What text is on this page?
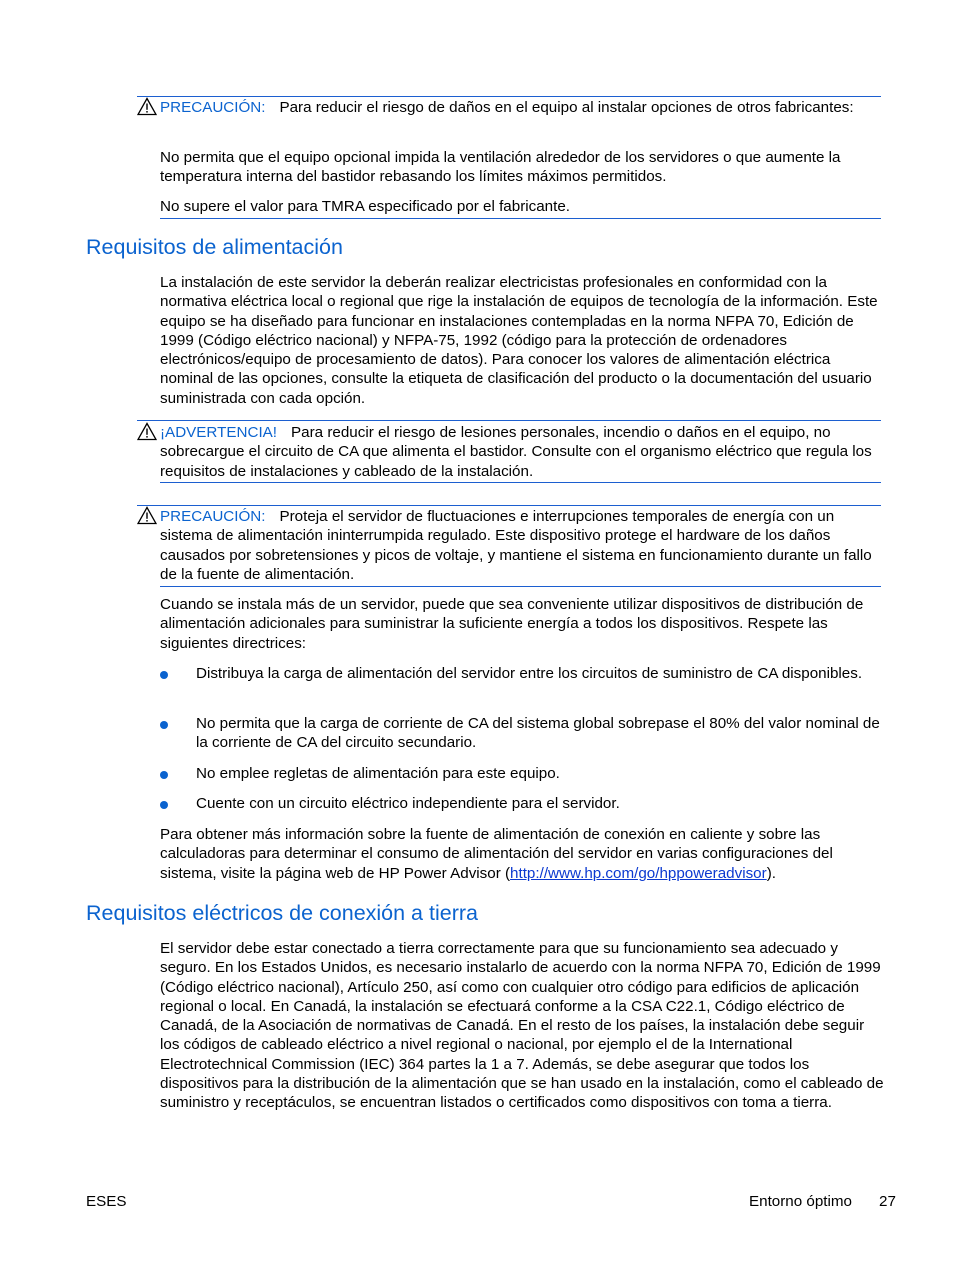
PRECAUCIÓN: Para reducir el riesgo de daños en el equipo al instalar opciones de otros fabricantes:

No permita que el equipo opcional impida la ventilación alrededor de los servidores o que aumente la temperatura interna del bastidor rebasando los límites máximos permitidos.

No supere el valor para TMRA especificado por el fabricante.

Requisitos de alimentación

La instalación de este servidor la deberán realizar electricistas profesionales en conformidad con la normativa eléctrica local o regional que rige la instalación de equipos de tecnología de la información. Este equipo se ha diseñado para funcionar en instalaciones contempladas en la norma NFPA 70, Edición de 1999 (Código eléctrico nacional) y NFPA-75, 1992 (código para la protección de ordenadores electrónicos/equipo de procesamiento de datos). Para conocer los valores de alimentación eléctrica nominal de las opciones, consulte la etiqueta de clasificación del producto o la documentación del usuario suministrada con cada opción.

¡ADVERTENCIA! Para reducir el riesgo de lesiones personales, incendio o daños en el equipo, no sobrecargue el circuito de CA que alimenta el bastidor. Consulte con el organismo eléctrico que regula los requisitos de instalaciones y cableado de la instalación.

PRECAUCIÓN: Proteja el servidor de fluctuaciones e interrupciones temporales de energía con un sistema de alimentación ininterrumpida regulado. Este dispositivo protege el hardware de los daños causados por sobretensiones y picos de voltaje, y mantiene el sistema en funcionamiento durante un fallo de la fuente de alimentación.

Cuando se instala más de un servidor, puede que sea conveniente utilizar dispositivos de distribución de alimentación adicionales para suministrar la suficiente energía a todos los dispositivos. Respete las siguientes directrices:

Distribuya la carga de alimentación del servidor entre los circuitos de suministro de CA disponibles.

No permita que la carga de corriente de CA del sistema global sobrepase el 80% del valor nominal de la corriente de CA del circuito secundario.

No emplee regletas de alimentación para este equipo.

Cuente con un circuito eléctrico independiente para el servidor.

Para obtener más información sobre la fuente de alimentación de conexión en caliente y sobre las calculadoras para determinar el consumo de alimentación del servidor en varias configuraciones del sistema, visite la página web de HP Power Advisor (http://www.hp.com/go/hppoweradvisor).

Requisitos eléctricos de conexión a tierra

El servidor debe estar conectado a tierra correctamente para que su funcionamiento sea adecuado y seguro. En los Estados Unidos, es necesario instalarlo de acuerdo con la norma NFPA 70, Edición de 1999 (Código eléctrico nacional), Artículo 250, así como con cualquier otro código para edificios de aplicación regional o local. En Canadá, la instalación se efectuará conforme a la CSA C22.1, Código eléctrico de Canadá, de la Asociación de normativas de Canadá. En el resto de los países, la instalación debe seguir los códigos de cableado eléctrico a nivel regional o nacional, por ejemplo el de la International Electrotechnical Commission (IEC) 364 partes la 1 a 7. Además, se debe asegurar que todos los dispositivos para la distribución de la alimentación que se han usado en la instalación, como el cableado de suministro y receptáculos, se encuentran listados o certificados como dispositivos con toma a tierra.

ESES	Entorno óptimo 27
